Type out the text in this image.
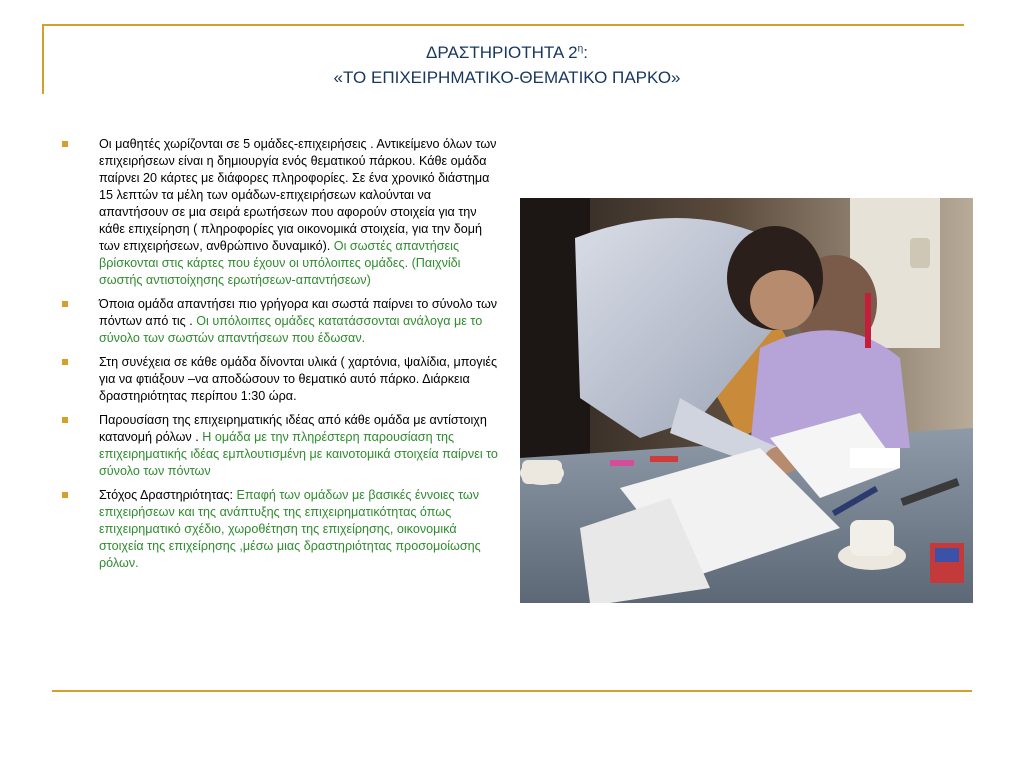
ΔΡΑΣΤΗΡΙΟΤΗΤΑ $2^\eta$:
«ΤΟ ΕΠΙΧΕΙΡΗΜΑΤΙΚΟ-ΘΕΜΑΤΙΚΟ ΠΑΡΚΟ»
Οι μαθητές χωρίζονται σε 5 ομάδες-επιχειρήσεις . Αντικείμενο όλων των επιχειρήσεων είναι η δημιουργία ενός θεματικού πάρκου. Κάθε ομάδα παίρνει 20 κάρτες με διάφορες πληροφορίες. Σε ένα χρονικό διάστημα 15 λεπτών τα μέλη των ομάδων-επιχειρήσεων καλούνται να απαντήσουν σε μια σειρά ερωτήσεων που αφορούν στοιχεία για την κάθε επιχείρηση ( πληροφορίες για οικονομικά στοιχεία, για την δομή των επιχειρήσεων, ανθρώπινο δυναμικό). Οι σωστές απαντήσεις βρίσκονται στις κάρτες που έχουν οι υπόλοιπες ομάδες. (Παιχνίδι σωστής αντιστοίχησης ερωτήσεων-απαντήσεων)
Όποια ομάδα απαντήσει πιο γρήγορα και σωστά παίρνει το σύνολο των πόντων από τις . Οι υπόλοιπες ομάδες κατατάσσονται ανάλογα με το σύνολο των σωστών απαντήσεων που έδωσαν.
Στη συνέχεια σε κάθε ομάδα δίνονται υλικά ( χαρτόνια, ψαλίδια, μπογιές για να φτιάξουν –να αποδώσουν το θεματικό αυτό πάρκο. Διάρκεια δραστηριότητας περίπου 1:30 ώρα.
Παρουσίαση της επιχειρηματικής ιδέας από κάθε ομάδα με αντίστοιχη κατανομή ρόλων . Η ομάδα με την πληρέστερη παρουσίαση της επιχειρηματικής ιδέας εμπλουτισμένη με καινοτομικά στοιχεία παίρνει το σύνολο των πόντων
Στόχος Δραστηριότητας: Επαφή των ομάδων με βασικές έννοιες των επιχειρήσεων και της ανάπτυξης της επιχειρηματικότητας όπως επιχειρηματικό σχέδιο, χωροθέτηση της επιχείρησης, οικονομικά στοιχεία της επιχείρησης ,μέσω μιας δραστηριότητας προσομοίωσης ρόλων.
